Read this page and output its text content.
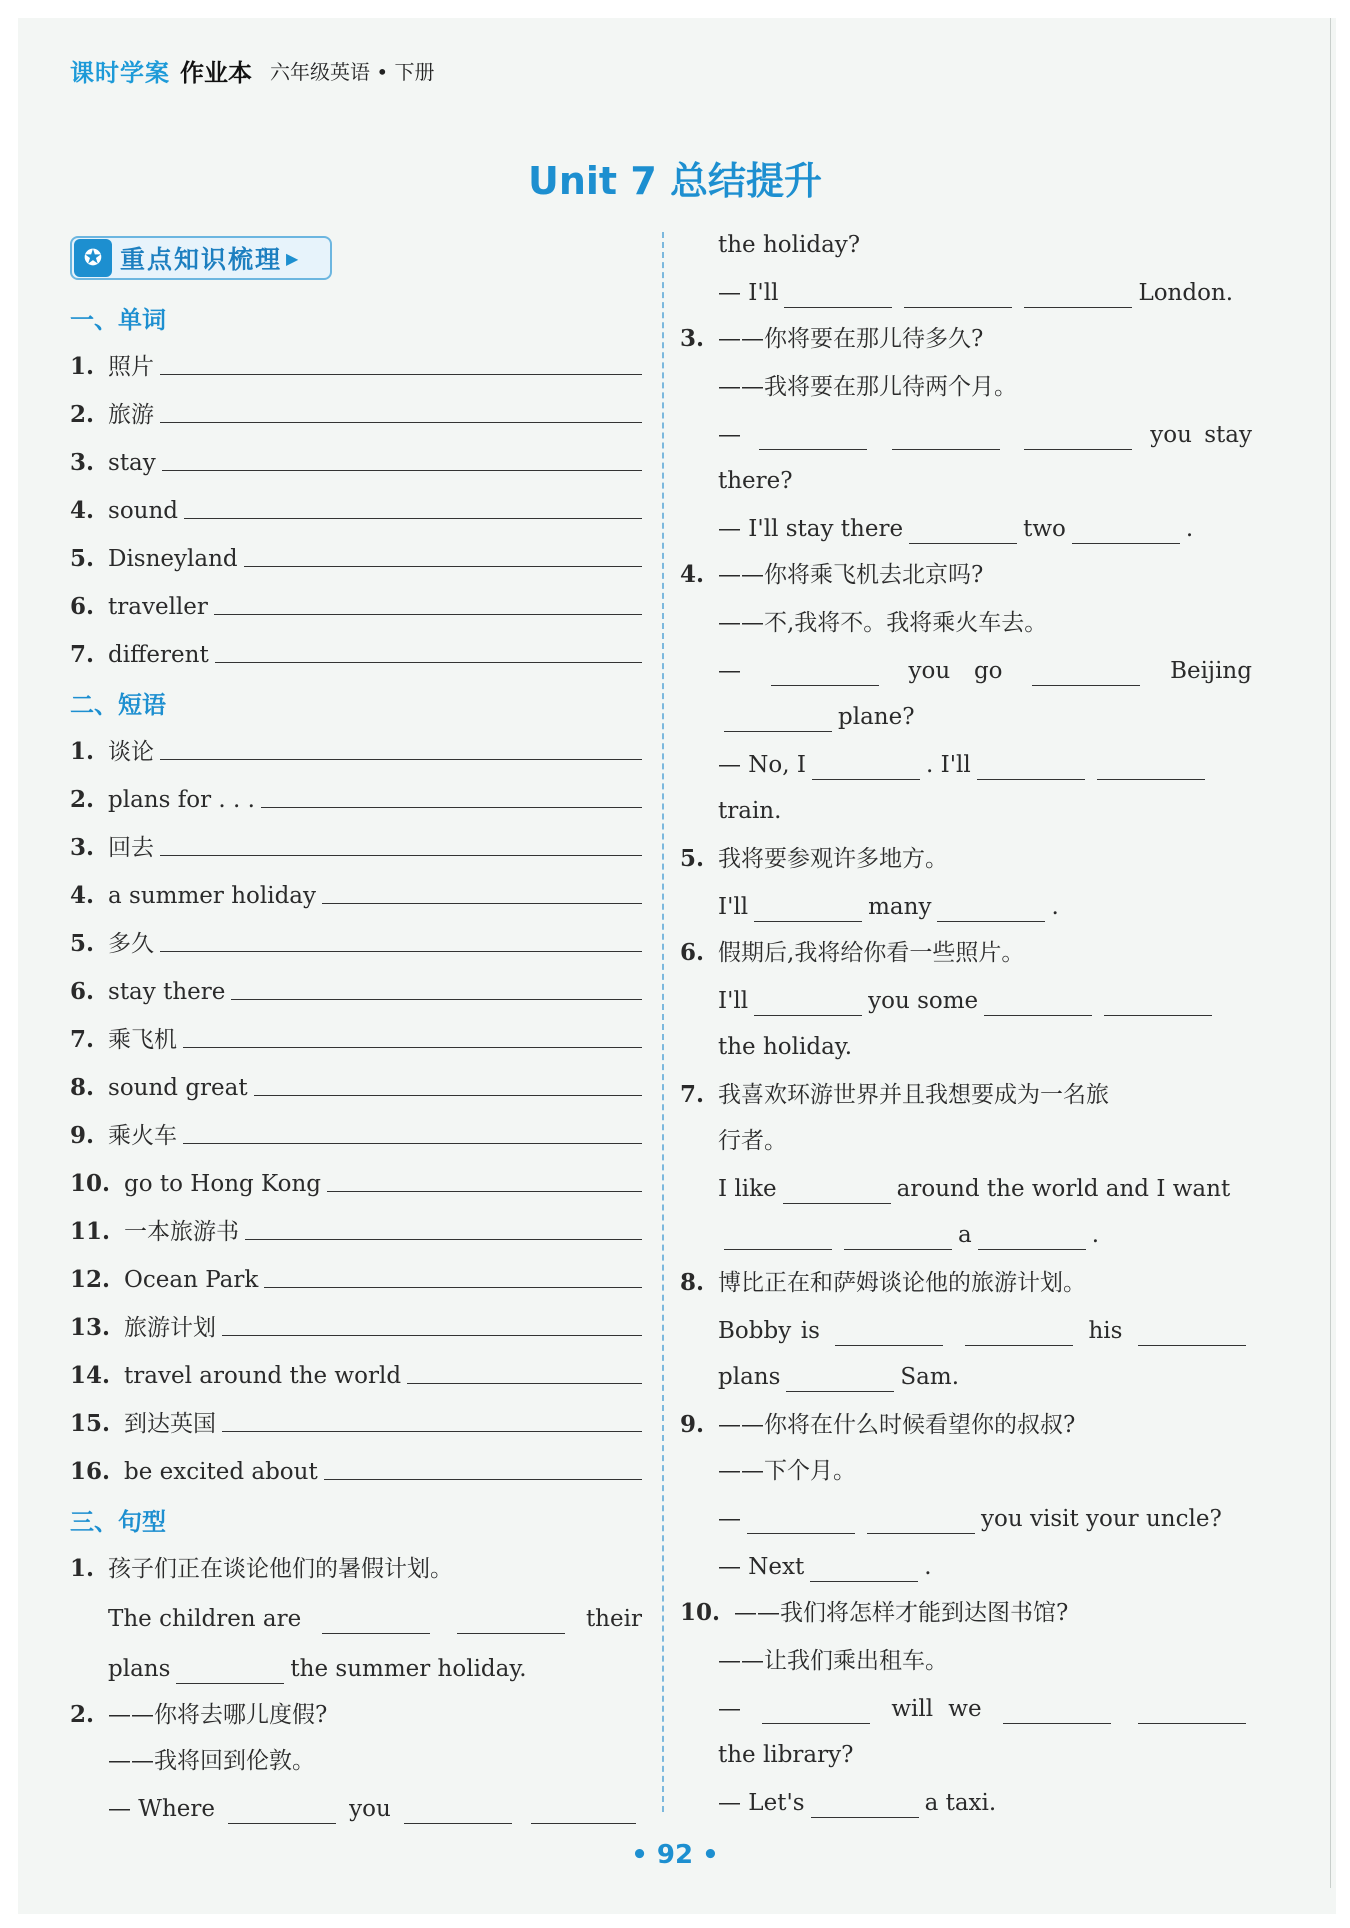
课时学案 作业本 六年级英语 • 下册
Unit 7 总结提升
✪ 重点知识梳理 ▶
一、单词
1. 照片
2. 旅游
3. stay
4. sound
5. Disneyland
6. traveller
7. different
二、短语
1. 谈论
2. plans for . . .
3. 回去
4. a summer holiday
5. 多久
6. stay there
7. 乘飞机
8. sound great
9. 乘火车
10. go to Hong Kong
11. 一本旅游书
12. Ocean Park
13. 旅游计划
14. travel around the world
15. 到达英国
16. be excited about
三、句型
1. 孩子们正在谈论他们的暑假计划。
The children are	their
plans	the summer holiday.
2. ——你将去哪儿度假?
——我将回到伦敦。
— Where	you
the holiday?
— I'll	London.
3. ——你将要在那儿待多久?
——我将要在那儿待两个月。
—	you stay
there?
— I'll stay there	two	.
4. ——你将乘飞机去北京吗?
——不,我将不。我将乘火车去。
—	you go	Beijing
plane?
— No, I	. I'll
train.
5. 我将要参观许多地方。
I'll	many	.
6. 假期后,我将给你看一些照片。
I'll	you some
the holiday.
7. 我喜欢环游世界并且我想要成为一名旅
行者。
I like	around the world and I want
a	.
8. 博比正在和萨姆谈论他的旅游计划。
Bobby is	his
plans	Sam.
9. ——你将在什么时候看望你的叔叔?
——下个月。
—	you visit your uncle?
— Next	.
10. ——我们将怎样才能到达图书馆?
——让我们乘出租车。
—	will we
the library?
— Let's	a taxi.
• 92 •
